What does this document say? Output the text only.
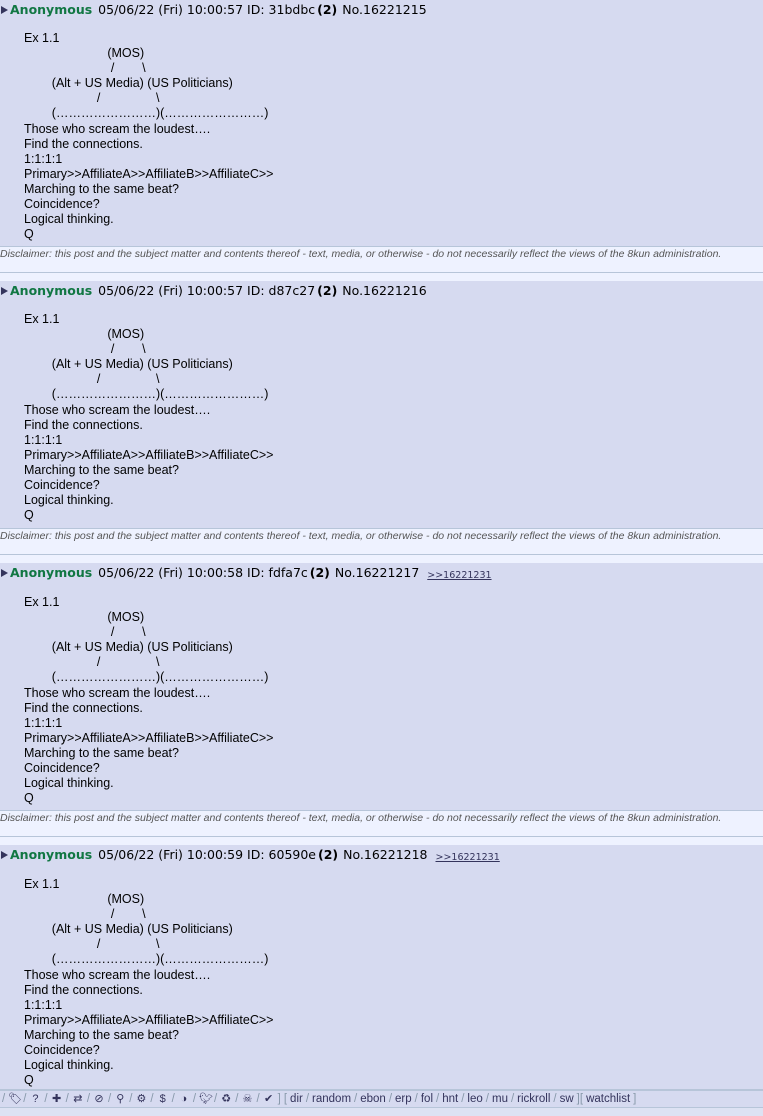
Anonymous 05/06/22 (Fri) 10:00:57 ID: 31bdbc (2) No.16221215
Ex 1.1
(MOS)
/        \
(Alt + US Media) (US Politicians)
/                \
(……………………)(……………………)
Those who scream the loudest….
Find the connections.
1:1:1:1
Primary>>AffiliateA>>AffiliateB>>AffiliateC>>
Marching to the same beat?
Coincidence?
Logical thinking.
Q
Disclaimer: this post and the subject matter and contents thereof - text, media, or otherwise - do not necessarily reflect the views of the 8kun administration.
Anonymous 05/06/22 (Fri) 10:00:57 ID: d87c27 (2) No.16221216
Ex 1.1
(MOS)
/        \
(Alt + US Media) (US Politicians)
/                \
(……………………)(……………………)
Those who scream the loudest….
Find the connections.
1:1:1:1
Primary>>AffiliateA>>AffiliateB>>AffiliateC>>
Marching to the same beat?
Coincidence?
Logical thinking.
Q
Disclaimer: this post and the subject matter and contents thereof - text, media, or otherwise - do not necessarily reflect the views of the 8kun administration.
Anonymous 05/06/22 (Fri) 10:00:58 ID: fdfa7c (2) No.16221217 >>16221231
Ex 1.1
(MOS)
/        \
(Alt + US Media) (US Politicians)
/                \
(……………………)(……………………)
Those who scream the loudest….
Find the connections.
1:1:1:1
Primary>>AffiliateA>>AffiliateB>>AffiliateC>>
Marching to the same beat?
Coincidence?
Logical thinking.
Q
Disclaimer: this post and the subject matter and contents thereof - text, media, or otherwise - do not necessarily reflect the views of the 8kun administration.
Anonymous 05/06/22 (Fri) 10:00:59 ID: 60590e (2) No.16221218 >>16221231
Ex 1.1
(MOS)
/        \
(Alt + US Media) (US Politicians)
/                \
(……………………)(……………………)
Those who scream the loudest….
Find the connections.
1:1:1:1
Primary>>AffiliateA>>AffiliateB>>AffiliateC>>
Marching to the same beat?
Coincidence?
Logical thinking.
Q
/ 🏷︎/ ? / ✚ / ⇄ / ⊘ / ⚲ / ⚙ / $ / ◑ / 🐦︎/ ♻ / ☠ / ✔ ] [ dir / random / ebon / erp / fol / hnt / leo / mu / rickroll / sw ][ watchlist ]
